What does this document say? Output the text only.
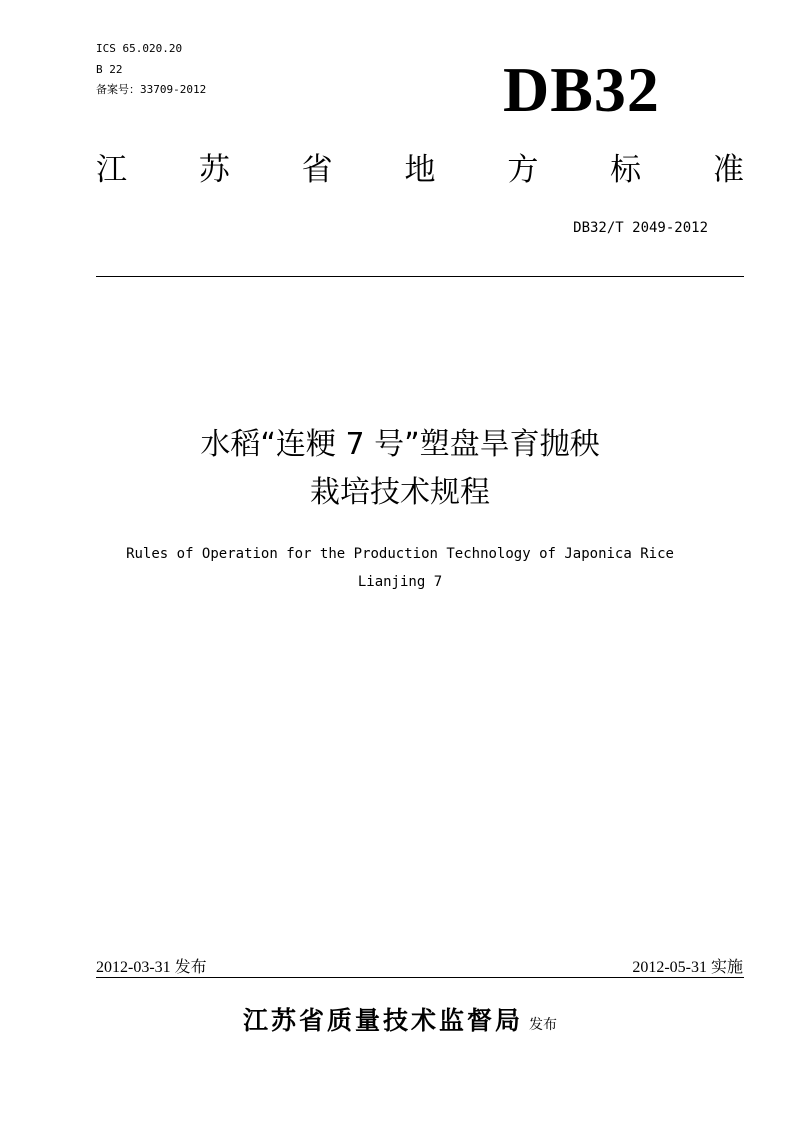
ICS 65.020.20
B 22
备案号：33709-2012	DB32
江 苏 省 地 方 标 准
DB32/T 2049-2012
水稻“连粳 7 号”塑盘旱育抛秧
栽培技术规程
Rules of Operation for the Production Technology of Japonica Rice
Lianjing 7
2012-03-31 发布	2012-05-31 实施
江苏省质量技术监督局 发布
